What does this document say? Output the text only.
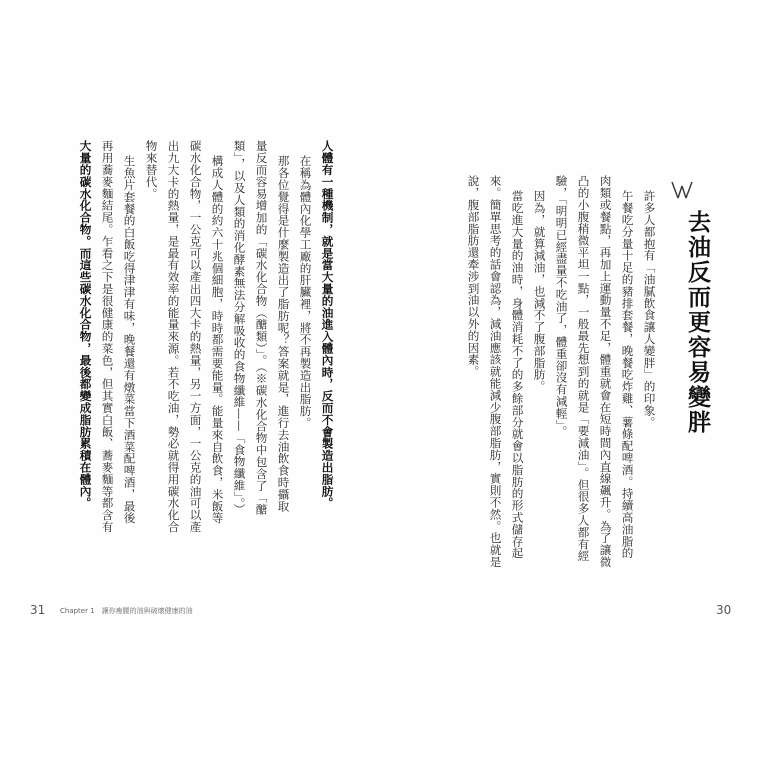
去油反而更容易變胖
許多人都抱有「油膩飲食讓人變胖」的印象。
午餐吃分量十足的豬排套餐，晚餐吃炸雞、薯條配啤酒。持續高油脂的
肉類或餐點，再加上運動量不足，體重就會在短時間內直線飆升。為了讓微
凸的小腹稍微平坦一點，一般最先想到的就是「要減油」。但很多人都有經
驗，「明明已經盡量不吃油了，體重卻沒有減輕」。
因為，就算減油，也減不了腹部脂肪。
當吃進大量的油時，身體消耗不了的多餘部分就會以脂肪的形式儲存起
來。簡單思考的話會認為，減油應該就能減少腹部脂肪，實則不然。也就是
說，腹部脂肪還牽涉到油以外的因素。
30
人體有一種機制，就是當大量的油進入體內時，反而不會製造出脂肪。
在稱為體內化學工廠的肝臟裡，將不再製造出脂肪。
那各位覺得是什麼製造出了脂肪呢？答案就是，進行去油飲食時攝取
量反而容易增加的「碳水化合物（醣類）」。（※碳水化合物中包含了「醣
類」，以及人類的消化酵素無法分解吸收的食物纖維——「食物纖維」。）
構成人體的約六十兆個細胞，時時都需要能量。能量來自飲食，米飯等
碳水化合物，一公克可以產出四大卡的熱量，另一方面，一公克的油可以產
出九大卡的熱量，是最有效率的能量來源。若不吃油，勢必就得用碳水化合
物來替代。
生魚片套餐的白飯吃得津津有味，晚餐還有燉菜當下酒菜配啤酒，最後
再用蕎麥麵結尾。乍看之下是很健康的菜色，但其實白飯、蕎麥麵等都含有
大量的碳水化合物。而這些碳水化合物，最後都變成脂肪累積在體內。
31 Chapter 1　讓你瘦腰的油與破壞健康的油
